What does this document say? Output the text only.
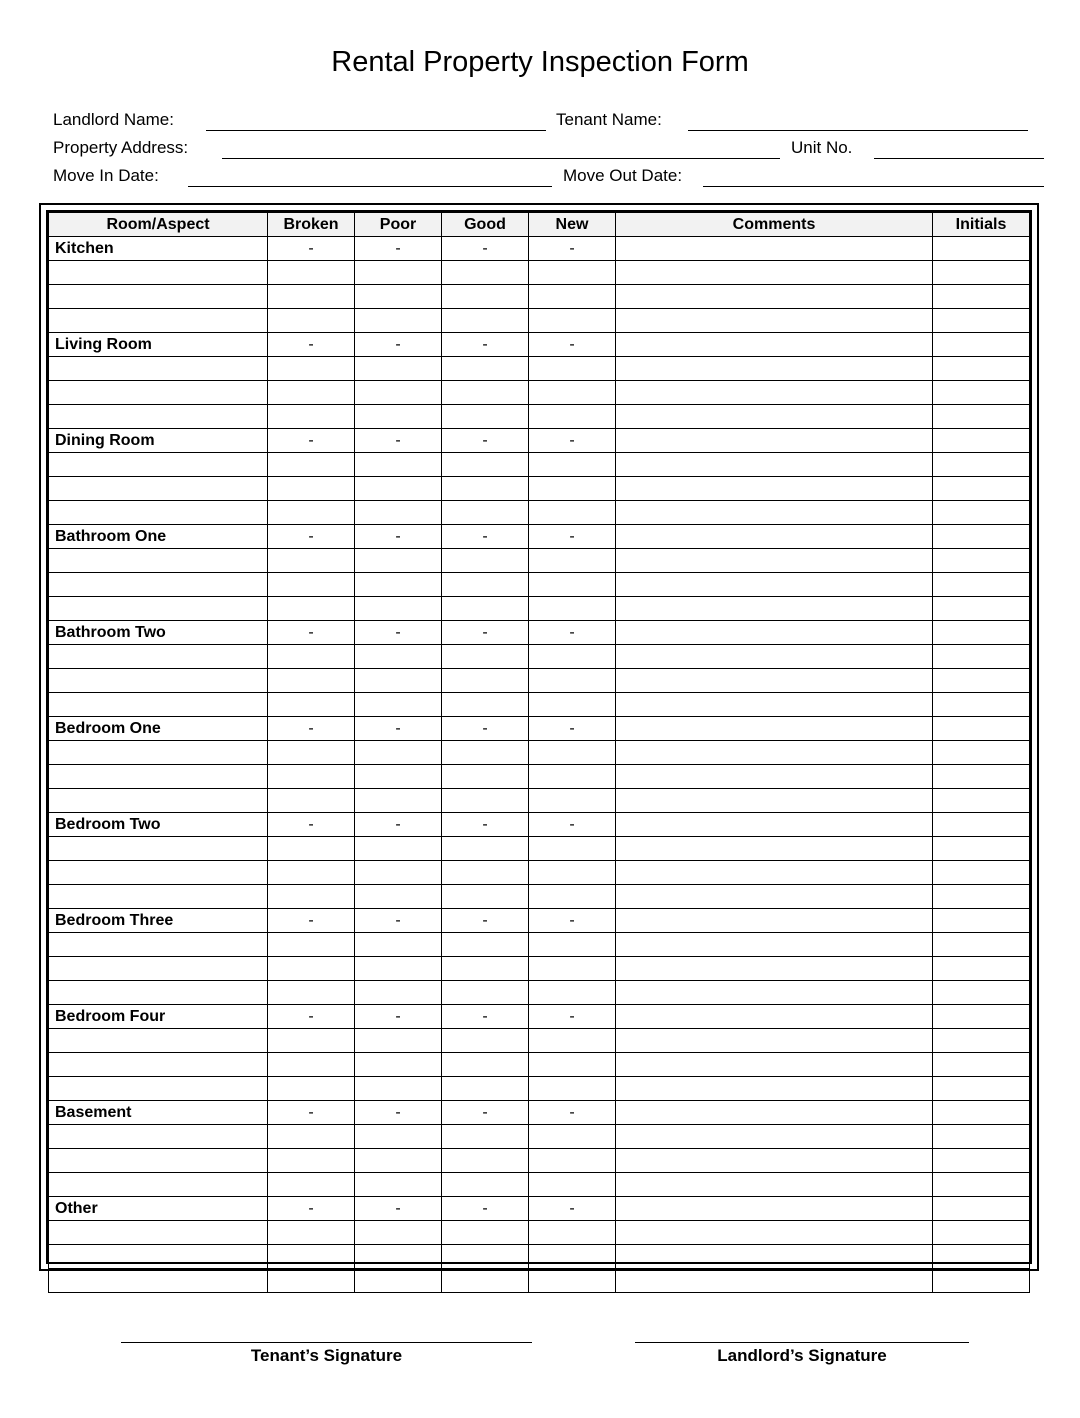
Rental Property Inspection Form
Landlord Name:	Tenant Name:
Property Address:	Unit No.
Move In Date:	Move Out Date:
Room/Aspect	Broken	Poor	Good	New	Comments	Initials
Kitchen	-	-	-	-		

Living Room	-	-	-	-		

Dining Room	-	-	-	-		

Bathroom One	-	-	-	-		

Bathroom Two	-	-	-	-		

Bedroom One	-	-	-	-		

Bedroom Two	-	-	-	-		

Bedroom Three	-	-	-	-		

Bedroom Four	-	-	-	-		

Basement	-	-	-	-		

Other	-	-	-	-		

Tenant’s Signature	Landlord’s Signature
